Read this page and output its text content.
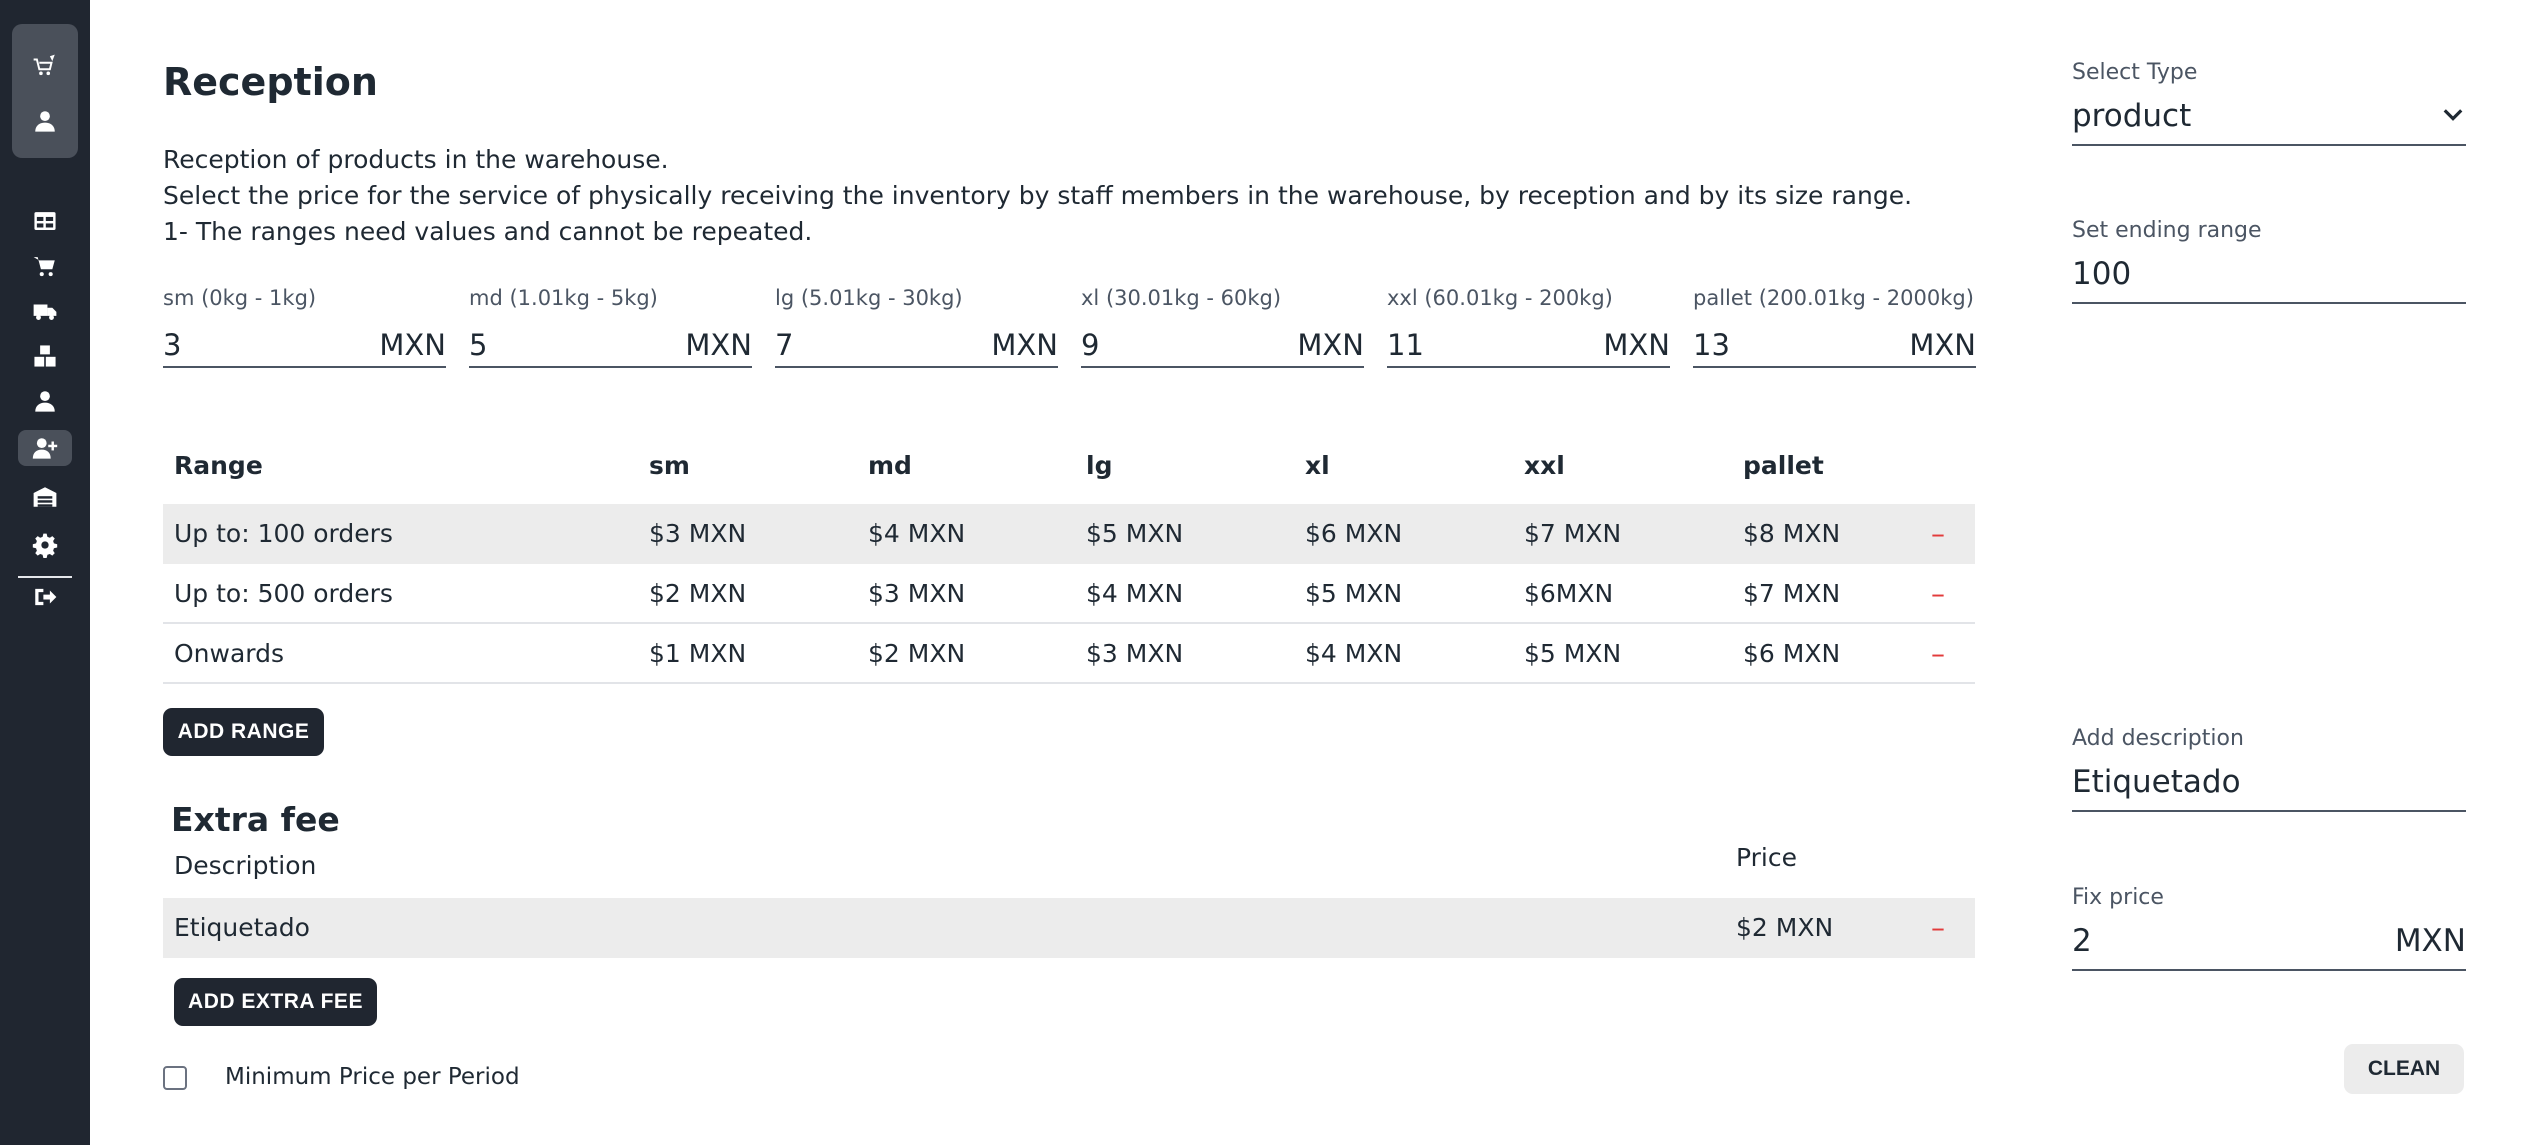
Reception

Reception of products in the warehouse.

Select the price for the service of physically receiving the inventory by staff members in the warehouse, by reception and by its size range.

1- The ranges need values and cannot be repeated.

sm (0kg - 1kg)
3	MXN
md (1.01kg - 5kg)
5	MXN
lg (5.01kg - 30kg)
7	MXN
xl (30.01kg - 60kg)
9	MXN
xxl (60.01kg - 200kg)
11	MXN
pallet (200.01kg - 2000kg)
13	MXN
Range	sm	md	lg	xl	xxl	pallet
Up to: 100 orders	$3 MXN	$4 MXN	$5 MXN	$6 MXN	$7 MXN	$8 MXN	–
Up to: 500 orders	$2 MXN	$3 MXN	$4 MXN	$5 MXN	$6MXN	$7 MXN	–
Onwards	$1 MXN	$2 MXN	$3 MXN	$4 MXN	$5 MXN	$6 MXN	–
ADD RANGE
Extra fee
Description	Price
Etiquetado	$2 MXN	–
ADD EXTRA FEE
Minimum Price per Period
Select Type
product
Set ending range
100
Add description
Etiquetado
Fix price
2	MXN
CLEAN
